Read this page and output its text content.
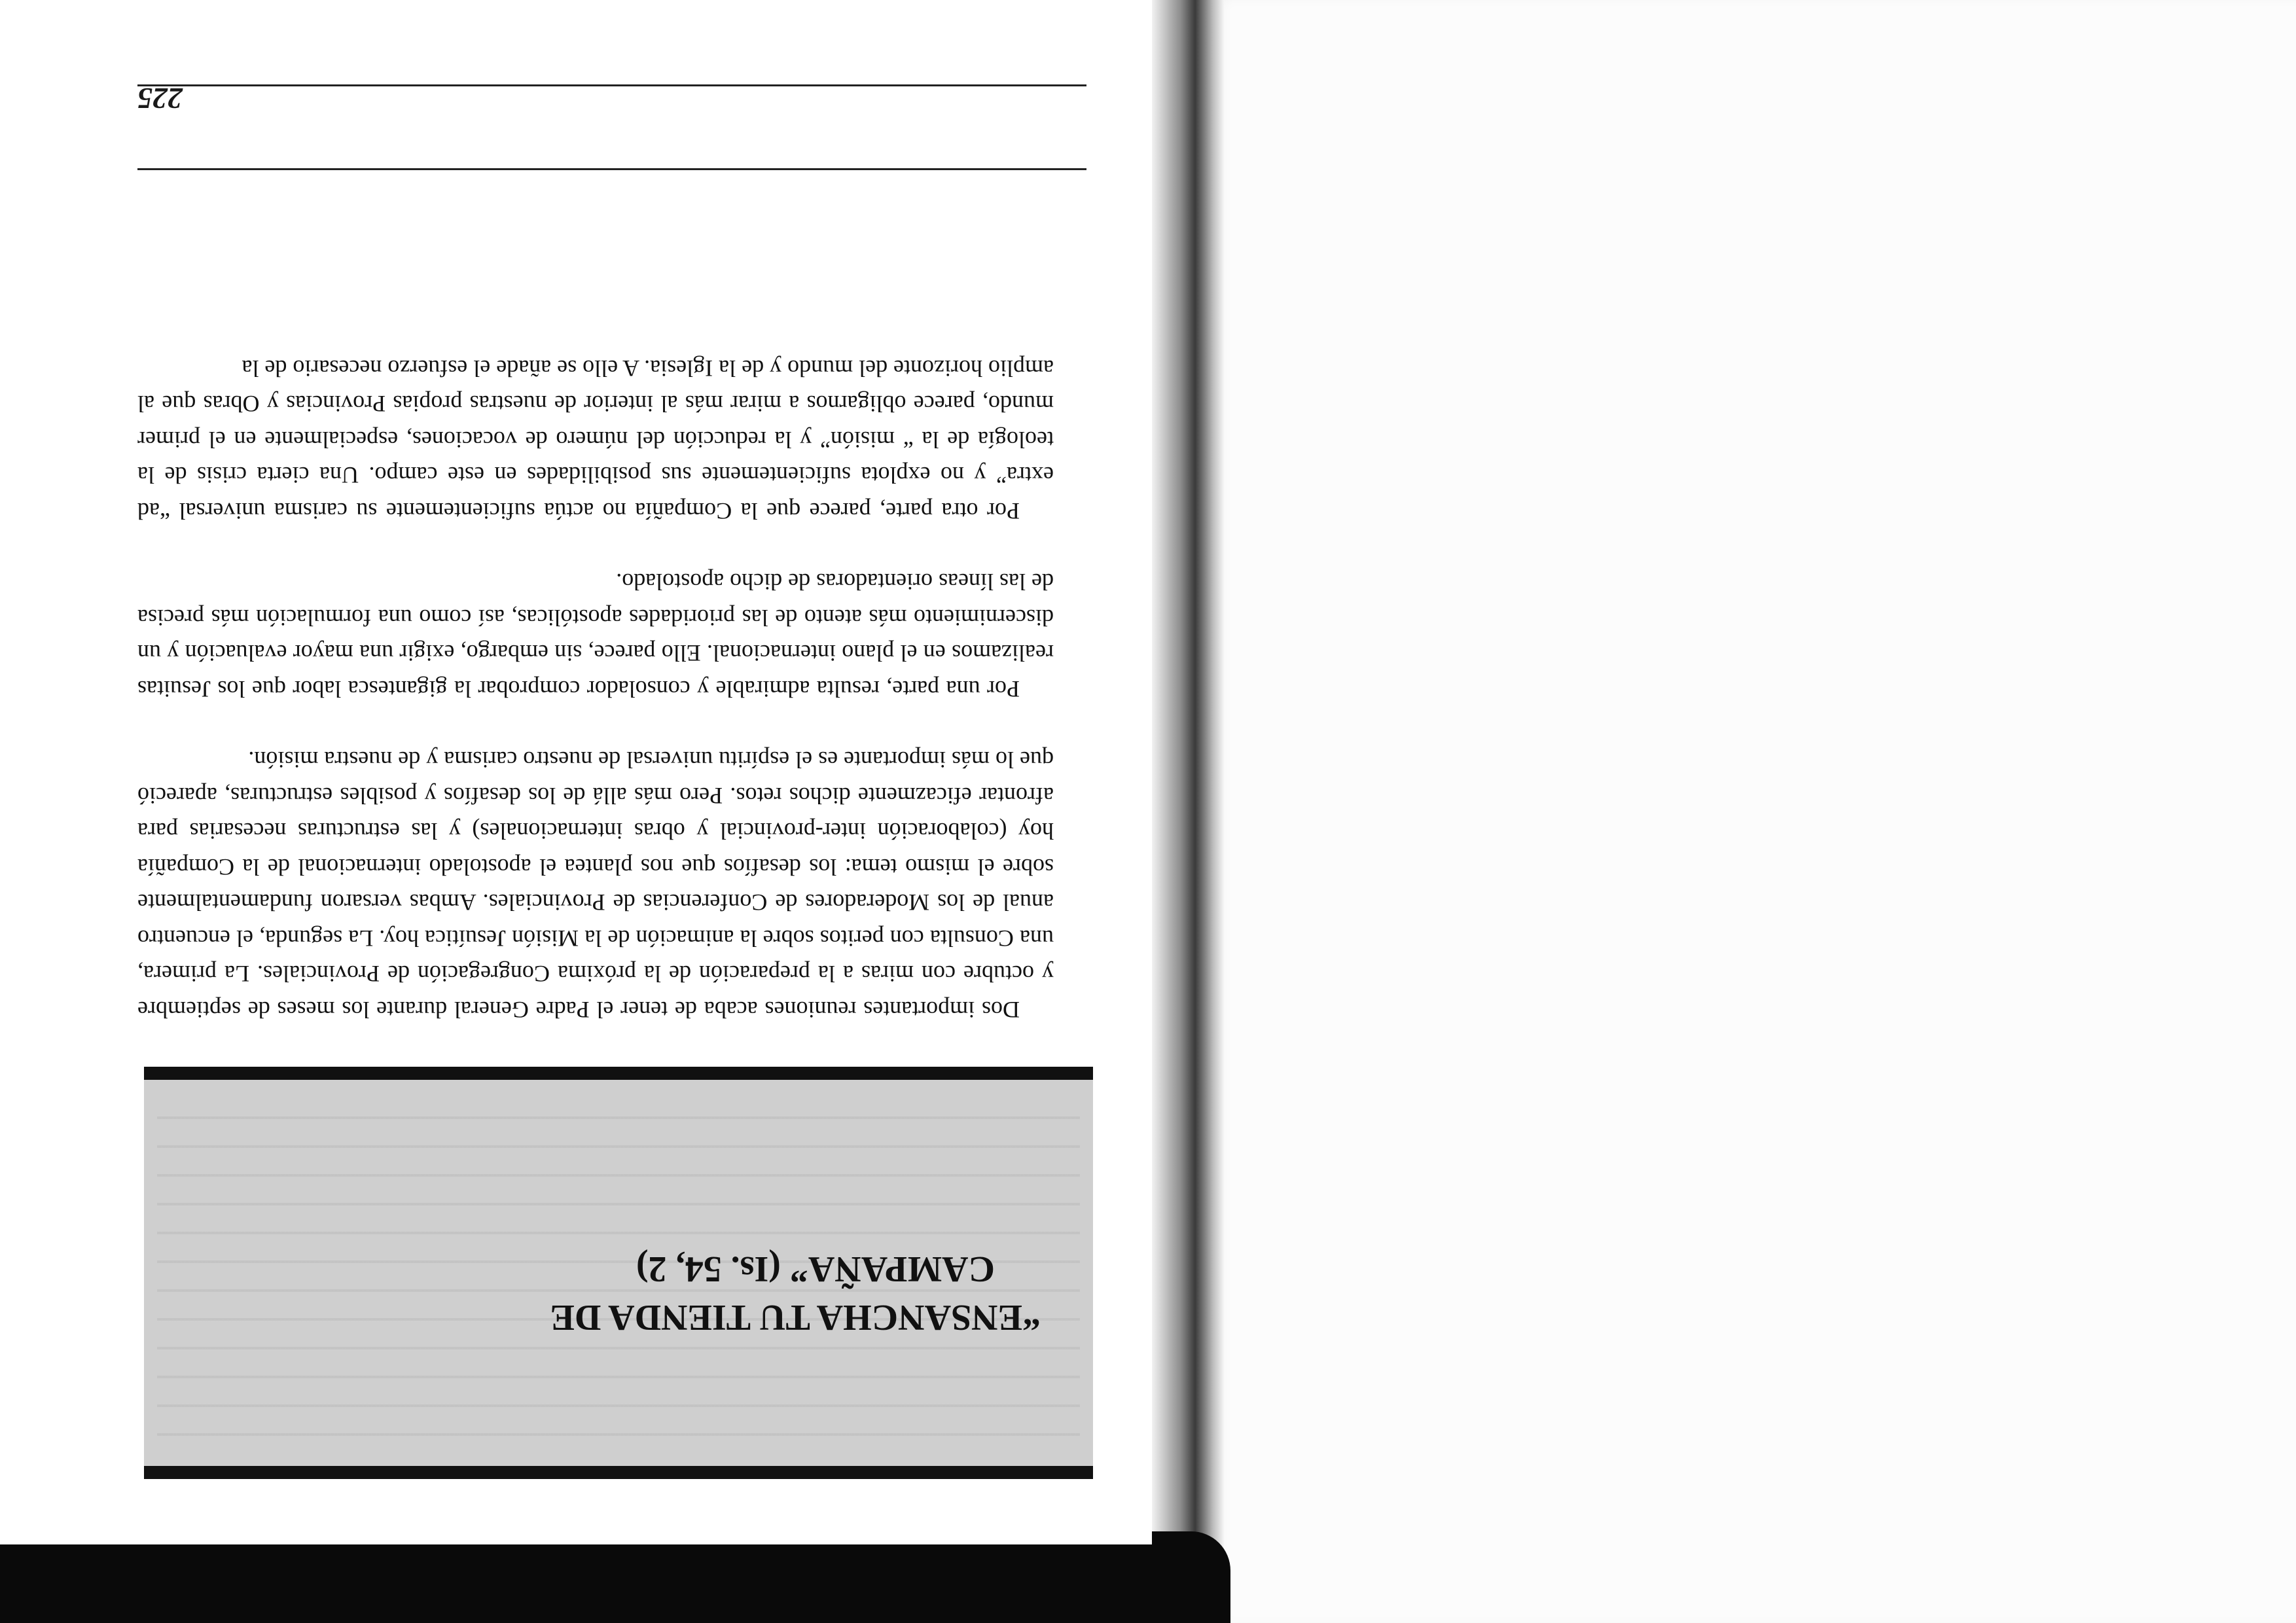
225
“ENSANCHA TU TIENDA DE
CAMPAÑA” (Is. 54, 2)

Dos importantes reuniones acaba de tener el Padre General durante los meses de septiembre y octubre con miras a la preparación de la próxima Congregación de Provinciales. La primera, una Consulta con peritos sobre la animación de la Misión Jesuítica hoy. La segunda, el encuentro anual de los Moderadores de Conferencias de Provinciales. Ambas versaron fundamentalmente sobre el mismo tema: los desafíos que nos plantea el apostolado internacional de la Compañía hoy (colaboración inter-provincial y obras internacionales) y las estructuras necesarias para afrontar eficazmente dichos retos. Pero más allá de los desafíos y posibles estructuras, apareció que lo más importante es el espíritu universal de nuestro carisma y de nuestra misión.

Por una parte, resulta admirable y consolador comprobar la gigantesca labor que los Jesuitas realizamos en el plano internacional. Ello parece, sin embargo, exigir una mayor evaluación y un discernimiento más atento de las prioridades apostólicas, así como una formulación más precisa de las líneas orientadoras de dicho apostolado.

Por otra parte, parece que la Compañía no actúa suficientemente su carisma universal “ad extra” y no explota suficientemente sus posibilidades en este campo. Una cierta crisis de la teología de la “ misión” y la reducción del número de vocaciones, especialmente en el primer mundo, parece obligarnos a mirar más al interior de nuestras propias Provincias y Obras que al amplio horizonte del mundo y de la Iglesia. A ello se añade el esfuerzo necesario de la
